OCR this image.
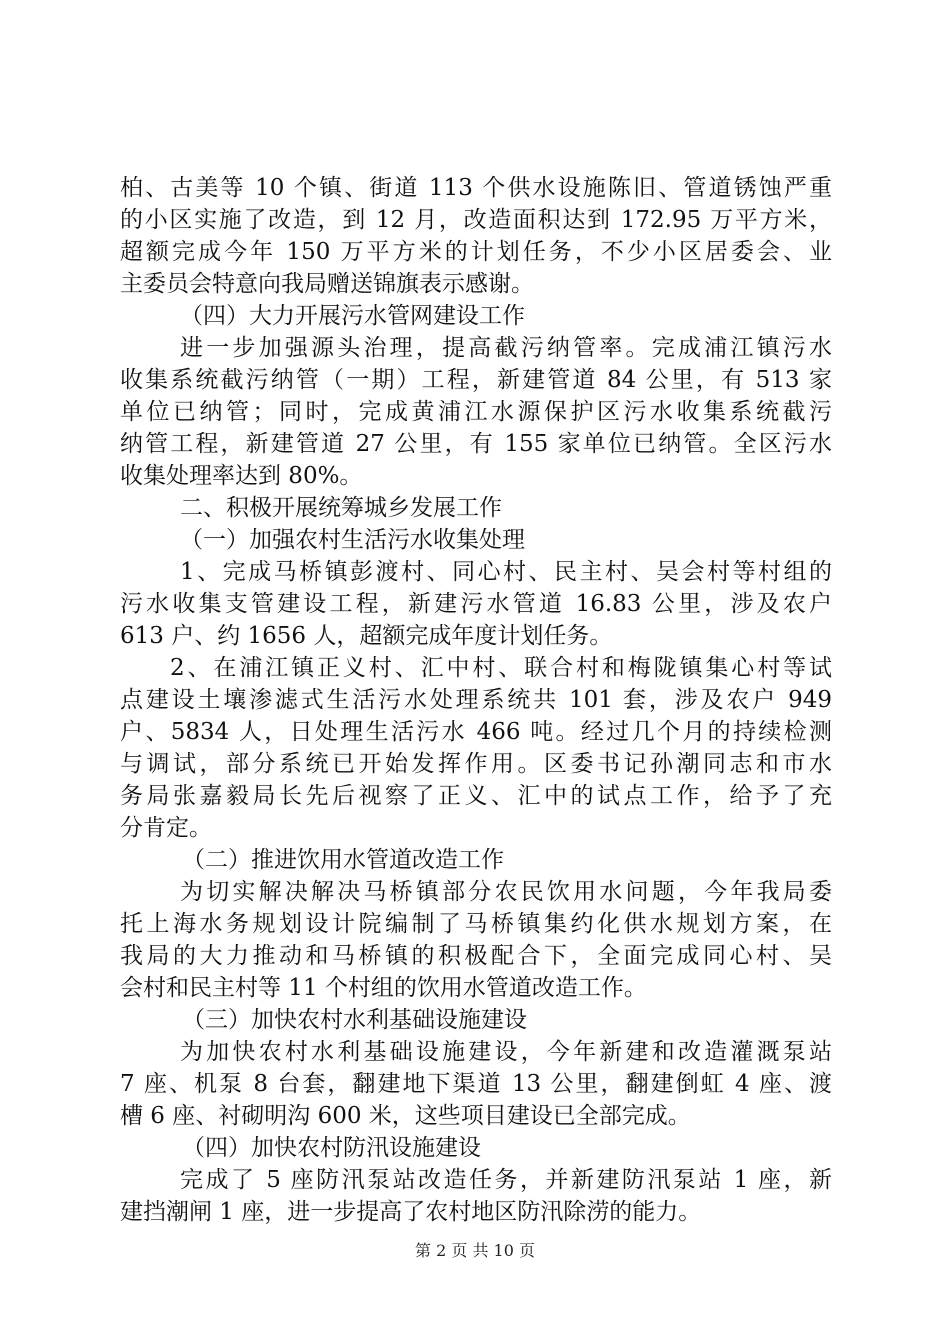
柏、古美等 10 个镇、街道 113 个供水设施陈旧、管道锈蚀严重
的小区实施了改造，到 12 月，改造面积达到 172.95 万平方米，
超额完成今年 150 万平方米的计划任务，不少小区居委会、业
主委员会特意向我局赠送锦旗表示感谢。
（四）大力开展污水管网建设工作
进一步加强源头治理，提高截污纳管率。完成浦江镇污水
收集系统截污纳管（一期）工程，新建管道 84 公里，有 513 家
单位已纳管；同时，完成黄浦江水源保护区污水收集系统截污
纳管工程，新建管道 27 公里，有 155 家单位已纳管。全区污水
收集处理率达到 80%。
二、积极开展统筹城乡发展工作
（一）加强农村生活污水收集处理
1、完成马桥镇彭渡村、同心村、民主村、吴会村等村组的
污水收集支管建设工程，新建污水管道 16.83 公里，涉及农户
613 户、约 1656 人，超额完成年度计划任务。
2、在浦江镇正义村、汇中村、联合村和梅陇镇集心村等试
点建设土壤渗滤式生活污水处理系统共 101 套，涉及农户 949
户、5834 人，日处理生活污水 466 吨。经过几个月的持续检测
与调试，部分系统已开始发挥作用。区委书记孙潮同志和市水
务局张嘉毅局长先后视察了正义、汇中的试点工作，给予了充
分肯定。
（二）推进饮用水管道改造工作
为切实解决解决马桥镇部分农民饮用水问题，今年我局委
托上海水务规划设计院编制了马桥镇集约化供水规划方案，在
我局的大力推动和马桥镇的积极配合下，全面完成同心村、吴
会村和民主村等 11 个村组的饮用水管道改造工作。
（三）加快农村水利基础设施建设
为加快农村水利基础设施建设，今年新建和改造灌溉泵站
7 座、机泵 8 台套，翻建地下渠道 13 公里，翻建倒虹 4 座、渡
槽 6 座、衬砌明沟 600 米，这些项目建设已全部完成。
（四）加快农村防汛设施建设
完成了 5 座防汛泵站改造任务，并新建防汛泵站 1 座，新
建挡潮闸 1 座，进一步提高了农村地区防汛除涝的能力。
第 2 页 共 10 页
